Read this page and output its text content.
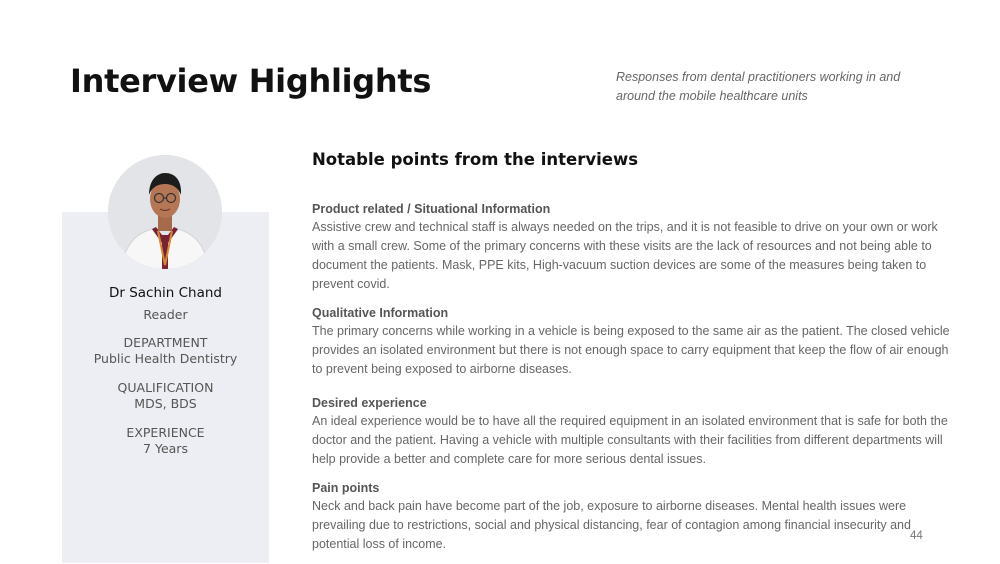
Interview Highlights	Responses from dental practitioners working in and around the mobile healthcare units
Dr Sachin Chand
Reader
DEPARTMENT
Public Health Dentistry
QUALIFICATION
MDS, BDS
EXPERIENCE
7 Years
Notable points from the interviews
Product related / Situational Information

Assistive crew and technical staff is always needed on the trips, and it is not feasible to drive on your own or work with a small crew. Some of the primary concerns with these visits are the lack of resources and not being able to document the patients. Mask, PPE kits, High-vacuum suction devices are some of the measures being taken to prevent covid.

Qualitative Information

The primary concerns while working in a vehicle is being exposed to the same air as the patient. The closed vehicle provides an isolated environment but there is not enough space to carry equipment that keep the flow of air enough to prevent being exposed to airborne diseases.

Desired experience

An ideal experience would be to have all the required equipment in an isolated environment that is safe for both the doctor and the patient. Having a vehicle with multiple consultants with their facilities from different departments will help provide a better and complete care for more serious dental issues.

Pain points

Neck and back pain have become part of the job, exposure to airborne diseases. Mental health issues were prevailing due to restrictions, social and physical distancing, fear of contagion among financial insecurity and potential loss of income.

44
